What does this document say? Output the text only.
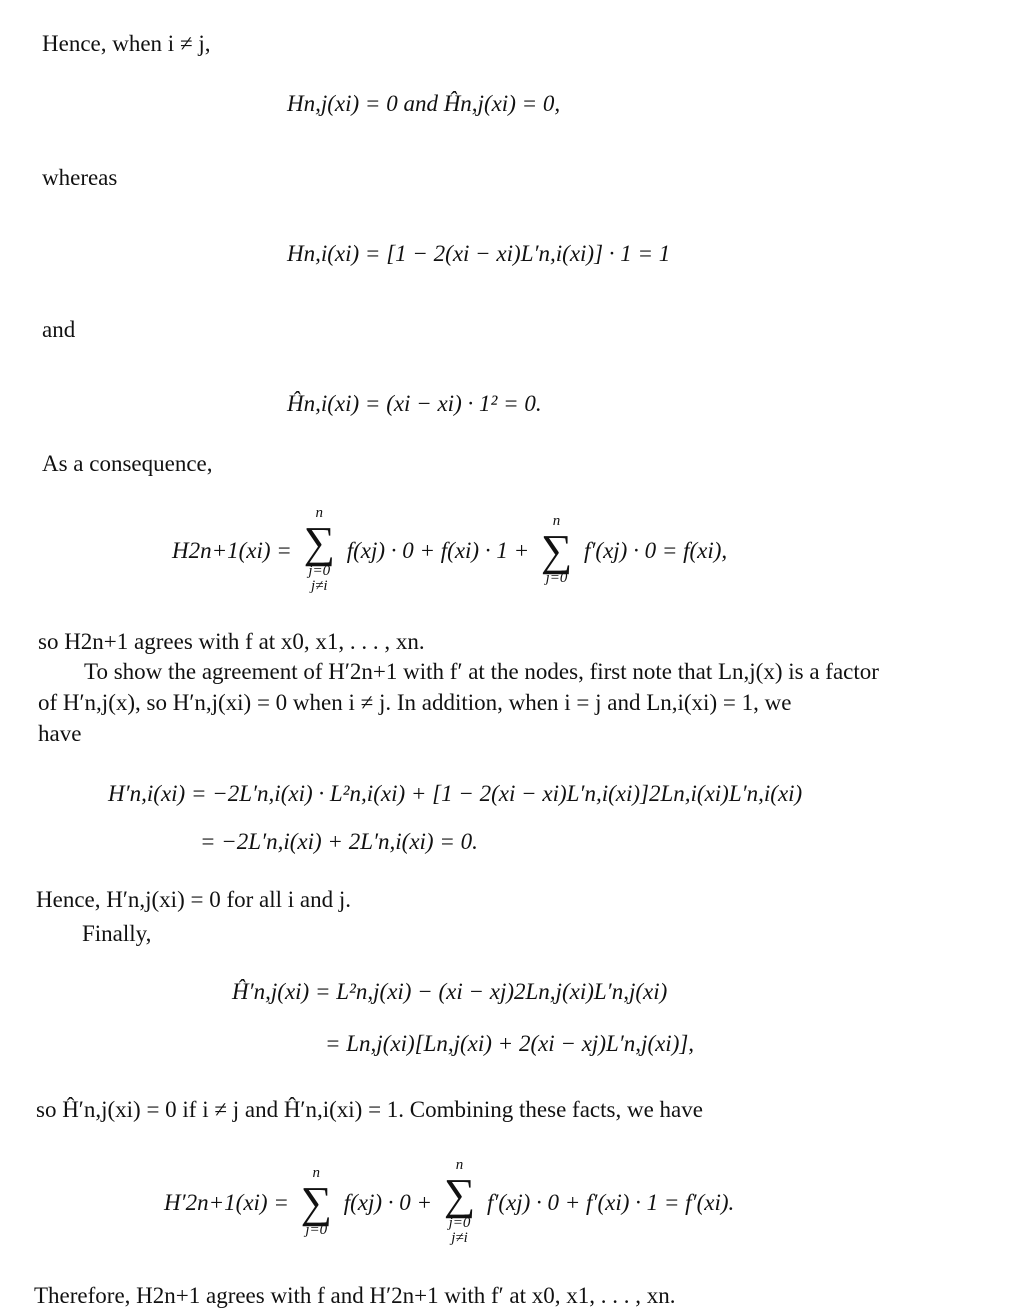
Hence, when i ≠ j,
Hn,j(xi) = 0 and Ĥn,j(xi) = 0,
whereas
Hn,i(xi) = [1 − 2(xi − xi)L′n,i(xi)] · 1 = 1
and
Ĥn,i(xi) = (xi − xi) · 1² = 0.
As a consequence,
H2n+1(xi) =
n
∑
j=0
j≠i
f(xj) · 0 + f(xi) · 1 +
n
∑
j=0
f′(xj) · 0 = f(xi),
so H2n+1 agrees with f at x0, x1, . . . , xn.
To show the agreement of H′2n+1 with f′ at the nodes, first note that Ln,j(x) is a factor
of H′n,j(x), so H′n,j(xi) = 0 when i ≠ j. In addition, when i = j and Ln,i(xi) = 1, we
have
H′n,i(xi) = −2L′n,i(xi) · L²n,i(xi) + [1 − 2(xi − xi)L′n,i(xi)]2Ln,i(xi)L′n,i(xi)
= −2L′n,i(xi) + 2L′n,i(xi) = 0.
Hence, H′n,j(xi) = 0 for all i and j.
Finally,
Ĥ′n,j(xi) = L²n,j(xi) − (xi − xj)2Ln,j(xi)L′n,j(xi)
= Ln,j(xi)[Ln,j(xi) + 2(xi − xj)L′n,j(xi)],
so Ĥ′n,j(xi) = 0 if i ≠ j and Ĥ′n,i(xi) = 1. Combining these facts, we have
H′2n+1(xi) =
n
∑
j=0
f(xj) · 0 +
n
∑
j=0
j≠i
f′(xj) · 0 + f′(xi) · 1 = f′(xi).
Therefore, H2n+1 agrees with f and H′2n+1 with f′ at x0, x1, . . . , xn.
